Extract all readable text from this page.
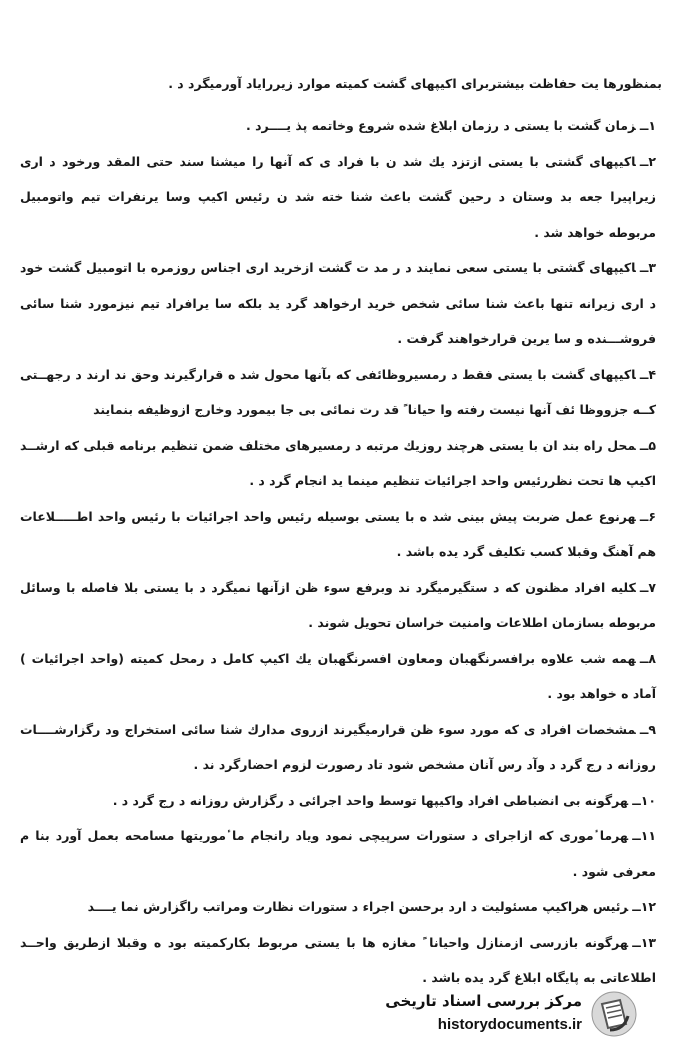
بمنظورها یت حفاظت بیشتربرای اکیپهای گشت کمیته موارد زیررایاد آورمیگرد د .
۱ــزمان گشت با یستی د رزمان ابلاغ شده شروع وخاتمه پذ یــــرد .
۲ــاکیپهای گشتی با یستی ازتزد یك شد ن با فراد ی که آنها را میشنا سند حتی المقد ورخود د اری زیراپیرا جعه بد وستان د رحین گشت باعث شنا خته شد ن رئیس اکیپ وسا یرنفرات تیم واتومبیل مربوطه خواهد شد .
۳ــاکیپهای گشتی با یستی سعی نمایند د ر مد ت گشت ازخرید اری اجناس روزمره با اتومبیل گشت خود د اری زیرانه تنها باعث شنا سائی شخص خرید ارخواهد گرد ید بلکه سا یرافراد تیم نیزمورد شنا سائی فروشـــنده و سا یرین قرارخواهند گرفت .
۴ــاکیپهای گشت با یستی فقط د رمسیروظائفی که بآنها محول شد ه قرارگیرند وحق ند ارند د رجهــتی کــه جزووظا ئف آنها نیست رفته وا حیانا ً قد رت نمائی بی جا بیمورد وخارج ازوظیفه بنمایند
۵ــمحل راه بند ان با یستی هرچند روزیك مرتبه د رمسیرهای مختلف ضمن تنظیم برنامه قبلی که ارشــد اکیپ ها تحت نظررئیس واحد اجرائیات تنظیم مینما ید انجام گرد د .
۶ــهرنوع عمل ضربت پیش بینی شد ه با یستی بوسیله رئیس واحد اجرائیات با رئیس واحد اطـــــلاعات هم آهنگ وقبلا کسب تکلیف گرد یده باشد .
۷ــکلیه افراد مظنون که د ستگیرمیگرد ند وبرفع سوء ظن ازآنها نمیگرد د با یستی بلا فاصله با وسائل مربوطه بسازمان اطلاعات وامنیت خراسان تحویل شوند .
۸ــهمه شب علاوه برافسرنگهبان ومعاون افسرنگهبان یك اکیپ کامل د رمحل کمیته (واحد اجرائیات ) آماد ه خواهد بود .
۹ــمشخصات افراد ی که مورد سوء ظن قرارمیگیرند ازروی مدارك شنا سائی استخراج ود رگزارشــــات روزانه د رج گرد د وآد رس آنان مشخص شود تاد رصورت لزوم احضارگرد ند .
۱۰ــهرگونه بی انضباطی افراد واکیپها توسط واحد اجرائی د رگزارش روزانه د رج گرد د .
۱۱ــهرما ٔموری که ازاجرای د ستورات سرپیچی نمود ویاد رانجام ما ٔموریتها مسامحه بعمل آورد بنا م معرفی شود .
۱۲ــرئیس هراکیپ مسئولیت د ارد برحسن اجراء د ستورات نظارت ومراتب راگزارش نما یــــد
۱۳ــهرگونه بازرسی ازمنازل واحیانا ً مغازه ها با یستی مربوط بکارکمیته بود ه وقبلا ازطریق واحــد اطلاعاتی به پایگاه ابلاغ گرد یده باشد .
مرکز بررسی اسناد تاریخی
historydocuments.ir
